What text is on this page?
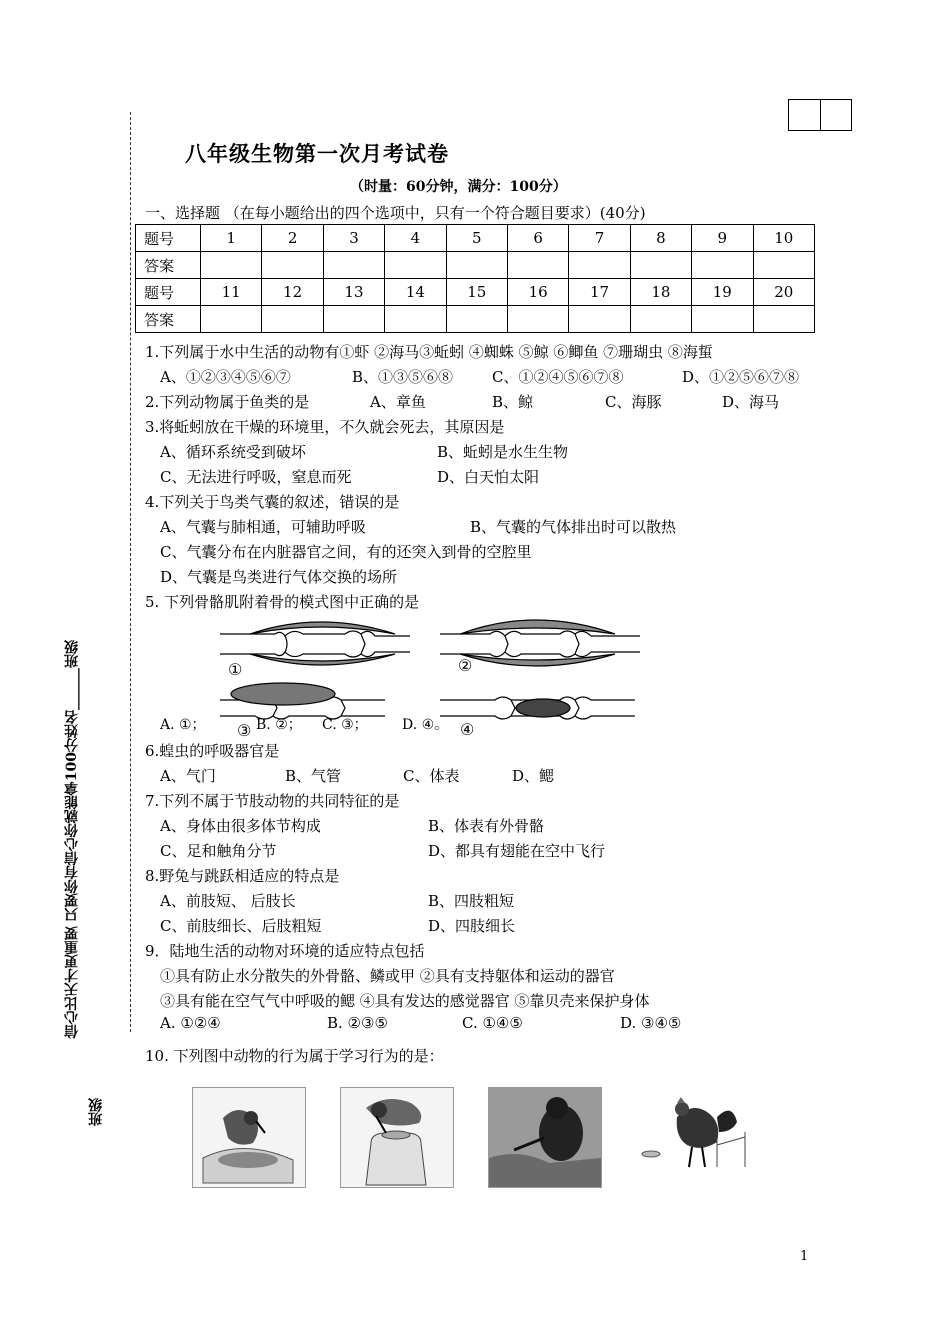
信心比天才更重要 只要你有信心你就能拿100分姓名______班级
班级
八年级生物第一次月考试卷
（时量：60分钟，满分：100分）
一、选择题 （在每小题给出的四个选项中，只有一个符合题目要求）(40分)
题号	1	2	3	4	5	6	7	8	9	10
答案										
题号	11	12	13	14	15	16	17	18	19	20
答案										
1.下列属于水中生活的动物有①虾 ②海马③蚯蚓 ④蜘蛛 ⑤鲸 ⑥鲫鱼 ⑦珊瑚虫 ⑧海蜇
A、①②③④⑤⑥⑦	B、①③⑤⑥⑧	C、①②④⑤⑥⑦⑧	D、①②⑤⑥⑦⑧
2.下列动物属于鱼类的是	A、章鱼	B、鲸	C、海豚	D、海马
3.将蚯蚓放在干燥的环境里，不久就会死去，其原因是
A、循环系统受到破坏	B、蚯蚓是水生生物
C、无法进行呼吸，窒息而死	D、白天怕太阳
4.下列关于鸟类气囊的叙述，错误的是
A、气囊与肺相通，可辅助呼吸	B、气囊的气体排出时可以散热
C、气囊分布在内脏器官之间，有的还突入到骨的空腔里
D、气囊是鸟类进行气体交换的场所
5. 下列骨骼肌附着骨的模式图中正确的是
①	②
③	④
A. ①；	B. ②； C. ③； D. ④。
6.蝗虫的呼吸器官是
A、气门	B、气管	C、体表	D、鳃
7.下列不属于节肢动物的共同特征的是
A、身体由很多体节构成	B、体表有外骨骼
C、足和触角分节	D、都具有翅能在空中飞行
8.野兔与跳跃相适应的特点是
A、前肢短、 后肢长	B、四肢粗短
C、前肢细长、后肢粗短	D、四肢细长
9．陆地生活的动物对环境的适应特点包括
①具有防止水分散失的外骨骼、鳞或甲 ②具有支持躯体和运动的器官
③具有能在空气气中呼吸的鳃 ④具有发达的感觉器官 ⑤靠贝壳来保护身体
A. ①②④	B. ②③⑤	C. ①④⑤	D. ③④⑤
10. 下列图中动物的行为属于学习行为的是：
1
